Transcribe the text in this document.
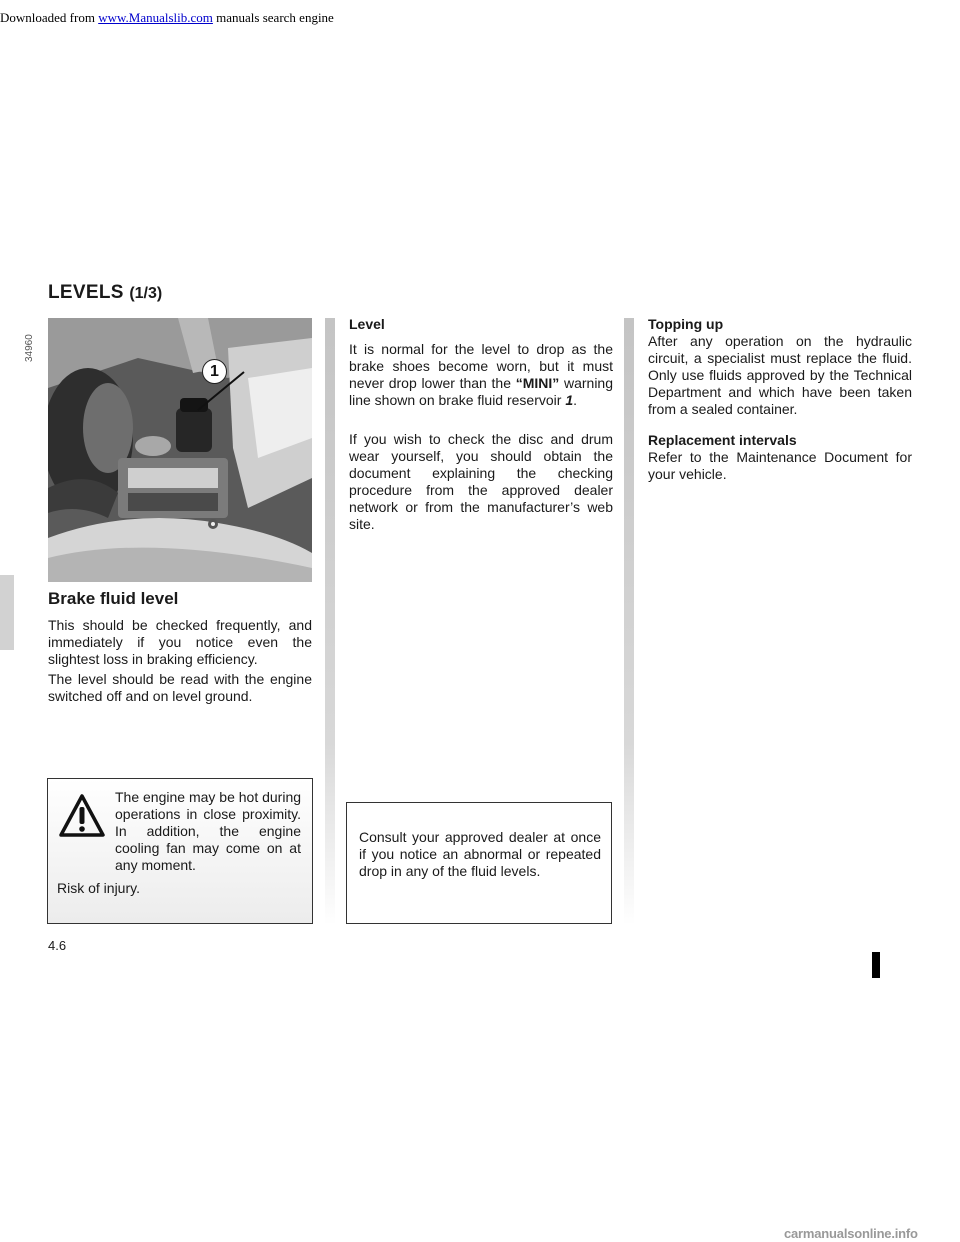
Downloaded from www.Manualslib.com manuals search engine
LEVELS (1/3)
34960
1
Brake fluid level
This should be checked frequently, and immediately if you notice even the slightest loss in braking efficiency.
The level should be read with the engine switched off and on level ground.
The engine may be hot during operations in close proximity. In addition, the engine cooling fan may come on at any moment.
Risk of injury.
Level
It is normal for the level to drop as the brake shoes become worn, but it must never drop lower than the “MINI” warning line shown on brake fluid reservoir 1.
If you wish to check the disc and drum wear yourself, you should obtain the document explaining the checking procedure from the approved dealer network or from the manufacturer’s web site.
Consult your approved dealer at once if you notice an abnormal or repeated drop in any of the fluid levels.
Topping up
After any operation on the hydraulic circuit, a specialist must replace the fluid. Only use fluids approved by the Technical Department and which have been taken from a sealed container.
Replacement intervals
Refer to the Maintenance Document for your vehicle.
4.6
carmanualsonline.info
